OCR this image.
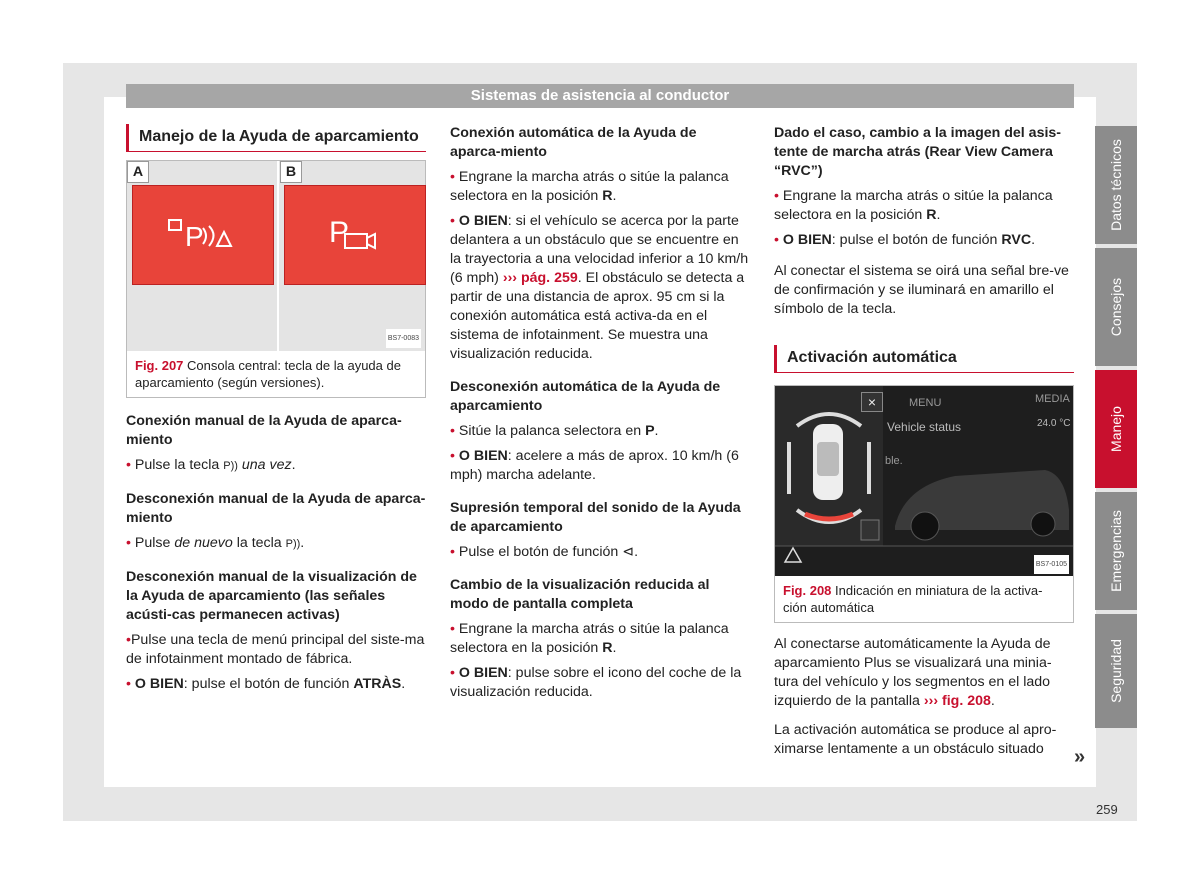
Sistemas de asistencia al conductor
Manejo de la Ayuda de aparcamiento
A	B
P	P
BS7-0083
Fig. 207 Consola central: tecla de la ayuda de aparcamiento (según versiones).
Conexión manual de la Ayuda de aparca-miento

• Pulse la tecla P)) una vez.

Desconexión manual de la Ayuda de aparca-miento

• Pulse de nuevo la tecla P)).

Desconexión manual de la visualización de la Ayuda de aparcamiento (las señales acústi-cas permanecen activas)

• Pulse una tecla de menú principal del siste-ma de infotainment montado de fábrica.

• O BIEN: pulse el botón de función ATRÀS.

Conexión automática de la Ayuda de aparca-miento

• Engrane la marcha atrás o sitúe la palanca selectora en la posición R.

• O BIEN: si el vehículo se acerca por la parte delantera a un obstáculo que se encuentre en la trayectoria a una velocidad inferior a 10 km/h (6 mph) ››› pág. 259. El obstáculo se detecta a partir de una distancia de aprox. 95 cm si la conexión automática está activa-da en el sistema de infotainment. Se muestra una visualización reducida.

Desconexión automática de la Ayuda de aparcamiento

• Sitúe la palanca selectora en P.

• O BIEN: acelere a más de aprox. 10 km/h (6 mph) marcha adelante.

Supresión temporal del sonido de la Ayuda de aparcamiento

• Pulse el botón de función ⊲.

Cambio de la visualización reducida al modo de pantalla completa

• Engrane la marcha atrás o sitúe la palanca selectora en la posición R.

• O BIEN: pulse sobre el icono del coche de la visualización reducida.

Dado el caso, cambio a la imagen del asis-tente de marcha atrás (Rear View Camera “RVC”)

• Engrane la marcha atrás o sitúe la palanca selectora en la posición R.

• O BIEN: pulse el botón de función RVC.

Al conectar el sistema se oirá una señal bre-ve de confirmación y se iluminará en amarillo el símbolo de la tecla.

Activación automática
MENU	MEDIA
Vehicle status	24.0 °C
ble.
×
BS7-0105
Fig. 208 Indicación en miniatura de la activa-ción automática

Al conectarse automáticamente la Ayuda de aparcamiento Plus se visualizará una minia-tura del vehículo y los segmentos en el lado izquierdo de la pantalla ››› fig. 208.

La activación automática se produce al apro-ximarse lentamente a un obstáculo situado

Datos técnicos
Consejos
Manejo
Emergencias
Seguridad
»
259
